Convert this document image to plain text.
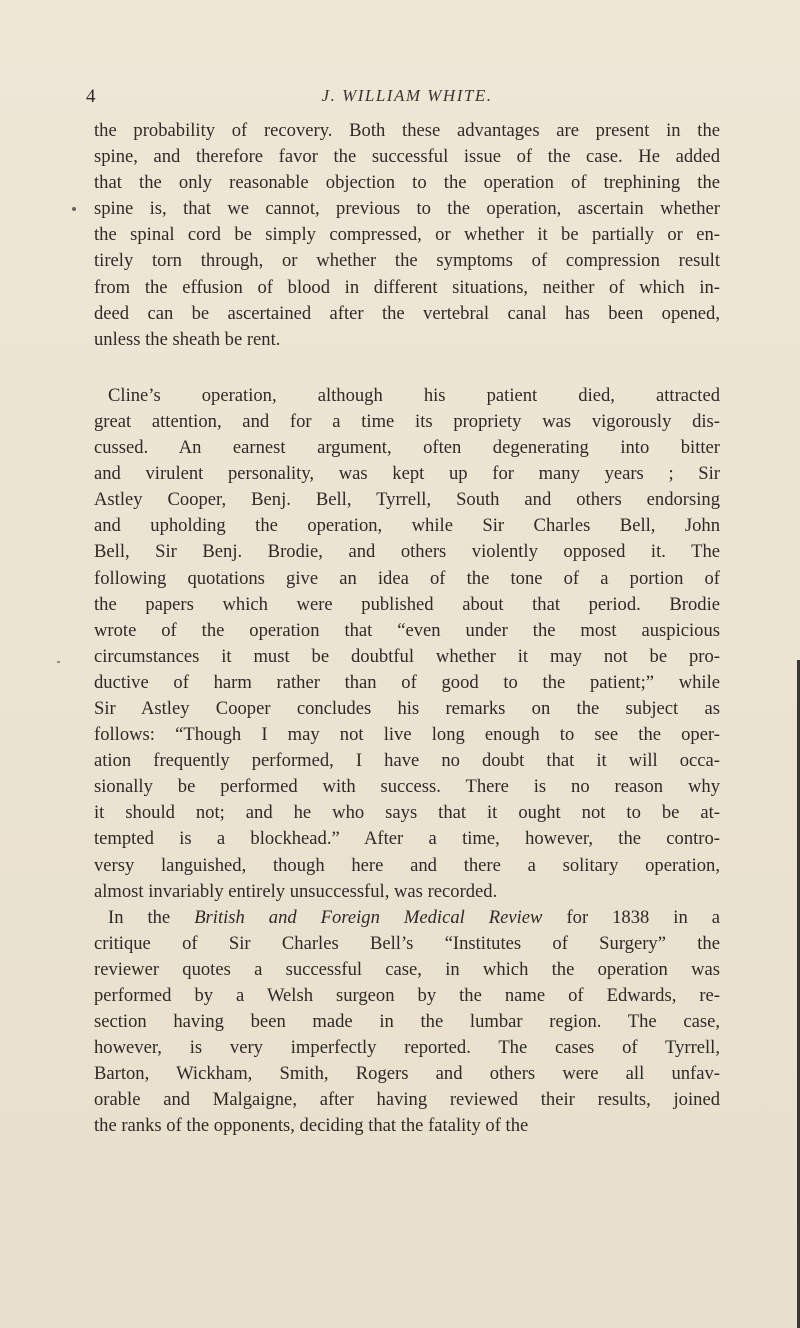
4	J. WILLIAM WHITE.
the probability of recovery. Both these advantages are present in the
spine, and therefore favor the successful issue of the case. He added
that the only reasonable objection to the operation of trephining the
spine is, that we cannot, previous to the operation, ascertain whether
the spinal cord be simply compressed, or whether it be partially or en-
tirely torn through, or whether the symptoms of compression result
from the effusion of blood in different situations, neither of which in-
deed can be ascertained after the vertebral canal has been opened,
unless the sheath be rent.
Cline’s operation, although his patient died, attracted
great attention, and for a time its propriety was vigorously dis-
cussed. An earnest argument, often degenerating into bitter
and virulent personality, was kept up for many years ; Sir
Astley Cooper, Benj. Bell, Tyrrell, South and others endorsing
and upholding the operation, while Sir Charles Bell, John
Bell, Sir Benj. Brodie, and others violently opposed it. The
following quotations give an idea of the tone of a portion of
the papers which were published about that period. Brodie
wrote of the operation that “even under the most auspicious
circumstances it must be doubtful whether it may not be pro-
ductive of harm rather than of good to the patient;” while
Sir Astley Cooper concludes his remarks on the subject as
follows: “Though I may not live long enough to see the oper-
ation frequently performed, I have no doubt that it will occa-
sionally be performed with success. There is no reason why
it should not; and he who says that it ought not to be at-
tempted is a blockhead.” After a time, however, the contro-
versy languished, though here and there a solitary operation,
almost invariably entirely unsuccessful, was recorded.
In the British and Foreign Medical Review for 1838 in a
critique of Sir Charles Bell’s “Institutes of Surgery” the
reviewer quotes a successful case, in which the operation was
performed by a Welsh surgeon by the name of Edwards, re-
section having been made in the lumbar region. The case,
however, is very imperfectly reported. The cases of Tyrrell,
Barton, Wickham, Smith, Rogers and others were all unfav-
orable and Malgaigne, after having reviewed their results, joined
the ranks of the opponents, deciding that the fatality of the
